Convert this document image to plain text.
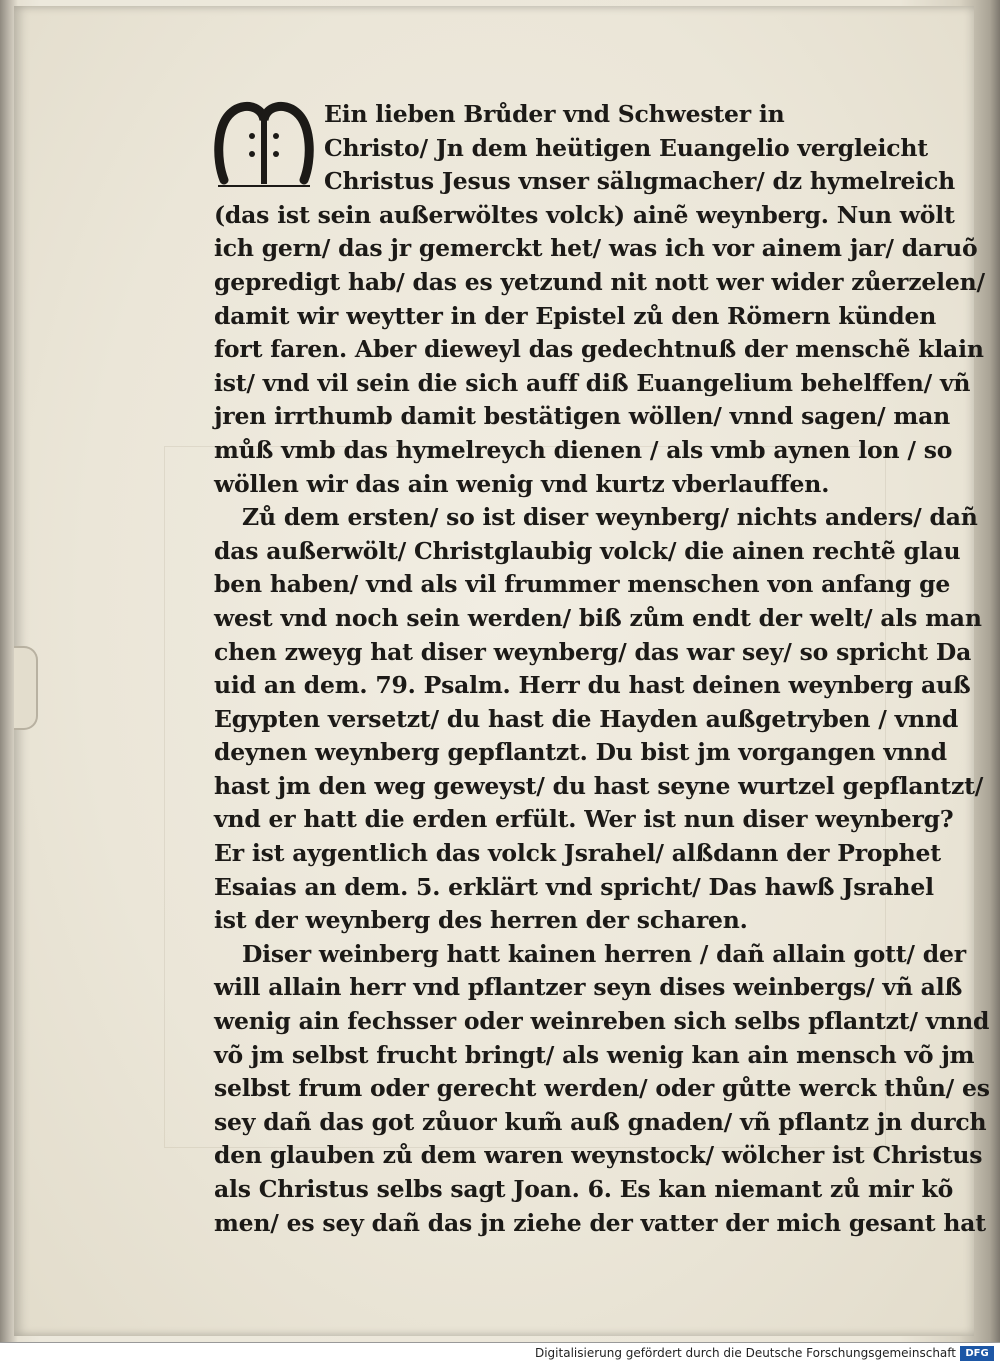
M
Ein lieben Brůder vnd Schwester in
Christo/ Jn dem heütigen Euangelio vergleicht
Christus Jesus vnser sälıgmacher/ dz hymelreich
(das ist sein außerwöltes volck) ainẽ weynberg. Nun wölt
ich gern/ das jr gemerckt het/ was ich vor ainem jar/ daruõ
gepredigt hab/ das es yetzund nit nott wer wider zůerzelen/
damit wir weytter in der Epistel zů den Römern künden
fort faren. Aber dieweyl das gedechtnuß der menschẽ klain
ist/ vnd vil sein die sich auff diß Euangelium behelffen/ vñ
jren irrthumb damit bestätigen wöllen/ vnnd sagen/ man
můß vmb das hymelreych dienen / als vmb aynen lon / so
wöllen wir das ain wenig vnd kurtz vberlauffen.
Zů dem ersten/ so ist diser weynberg/ nichts anders/ dañ
das außerwölt/ Christglaubig volck/ die ainen rechtẽ glau
ben haben/ vnd als vil frummer menschen von anfang ge
west vnd noch sein werden/ biß zům endt der welt/ als man
chen zweyg hat diser weynberg/ das war sey/ so spricht Da
uid an dem. 79. Psalm. Herr du hast deinen weynberg auß
Egypten versetzt/ du hast die Hayden außgetryben / vnnd
deynen weynberg gepflantzt. Du bist jm vorgangen vnnd
hast jm den weg geweyst/ du hast seyne wurtzel gepflantzt/
vnd er hatt die erden erfült. Wer ist nun diser weynberg?
Er ist aygentlich das volck Jsrahel/ alßdann der Prophet
Esaias an dem. 5. erklärt vnd spricht/ Das hawß Jsrahel
ist der weynberg des herren der scharen.
Diser weinberg hatt kainen herren / dañ allain gott/ der
will allain herr vnd pflantzer seyn dises weinbergs/ vñ alß
wenig ain fechsser oder weinreben sich selbs pflantzt/ vnnd
võ jm selbst frucht bringt/ als wenig kan ain mensch võ jm
selbst frum oder gerecht werden/ oder gůtte werck thůn/ es
sey dañ das got zůuor kum̃ auß gnaden/ vñ pflantz jn durch
den glauben zů dem waren weynstock/ wölcher ist Christus
als Christus selbs sagt Joan. 6. Es kan niemant zů mir kõ
men/ es sey dañ das jn ziehe der vatter der mich gesant hat
Digitalisierung gefördert durch die Deutsche Forschungsgemeinschaft DFG
